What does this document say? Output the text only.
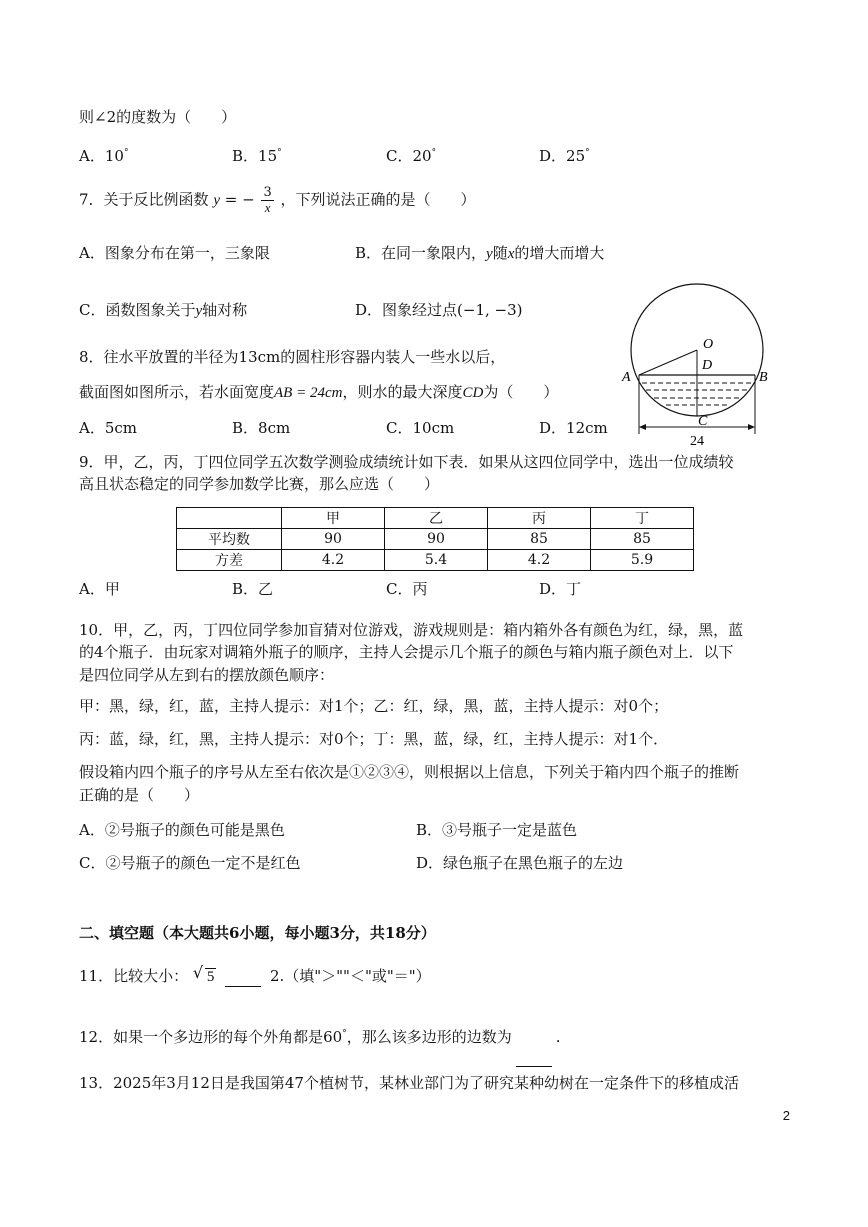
则∠2的度数为（　　）
A．10°	B．15°	C．20°	D．25°
7．关于反比例函数 y = − $\frac{3}{x}$ ，下列说法正确的是（　　）
A．图象分布在第一，三象限	B．在同一象限内，y随x的增大而增大
C．函数图象关于y轴对称	D．图象经过点(−1, −3)
8．往水平放置的半径为13cm的圆柱形容器内装人一些水以后，
截面图如图所示，若水面宽度AB = 24cm，则水的最大深度CD为（　　）
A．5cm	B．8cm	C．10cm	D．12cm
O
D
A	B
C
24
9．甲，乙，丙，丁四位同学五次数学测验成绩统计如下表．如果从这四位同学中，选出一位成绩较
高且状态稳定的同学参加数学比赛，那么应选（　　）
	甲	乙	丙	丁
平均数	90	90	85	85
方差	4.2	5.4	4.2	5.9
A．甲	B．乙	C．丙	D．丁
10．甲，乙，丙，丁四位同学参加盲猜对位游戏，游戏规则是：箱内箱外各有颜色为红，绿，黑，蓝
的4个瓶子．由玩家对调箱外瓶子的顺序，主持人会提示几个瓶子的颜色与箱内瓶子颜色对上．以下
是四位同学从左到右的摆放颜色顺序：
甲：黑，绿，红，蓝，主持人提示：对1个；乙：红，绿，黑，蓝，主持人提示：对0个；
丙：蓝，绿，红，黑，主持人提示：对0个；丁：黑，蓝，绿，红，主持人提示：对1个．
假设箱内四个瓶子的序号从左至右依次是①②③④，则根据以上信息，下列关于箱内四个瓶子的推断
正确的是（　　）
A．②号瓶子的颜色可能是黑色	B．③号瓶子一定是蓝色
C．②号瓶子的颜色一定不是红色	D．绿色瓶子在黑色瓶子的左边
二、填空题（本大题共6小题，每小题3分，共18分）
11．比较大小： √ 5	2.（填"＞""＜"或"＝"）
12．如果一个多边形的每个外角都是60°，那么该多边形的边数为	.
13．2025年3月12日是我国第47个植树节，某林业部门为了研究某种幼树在一定条件下的移植成活
2
